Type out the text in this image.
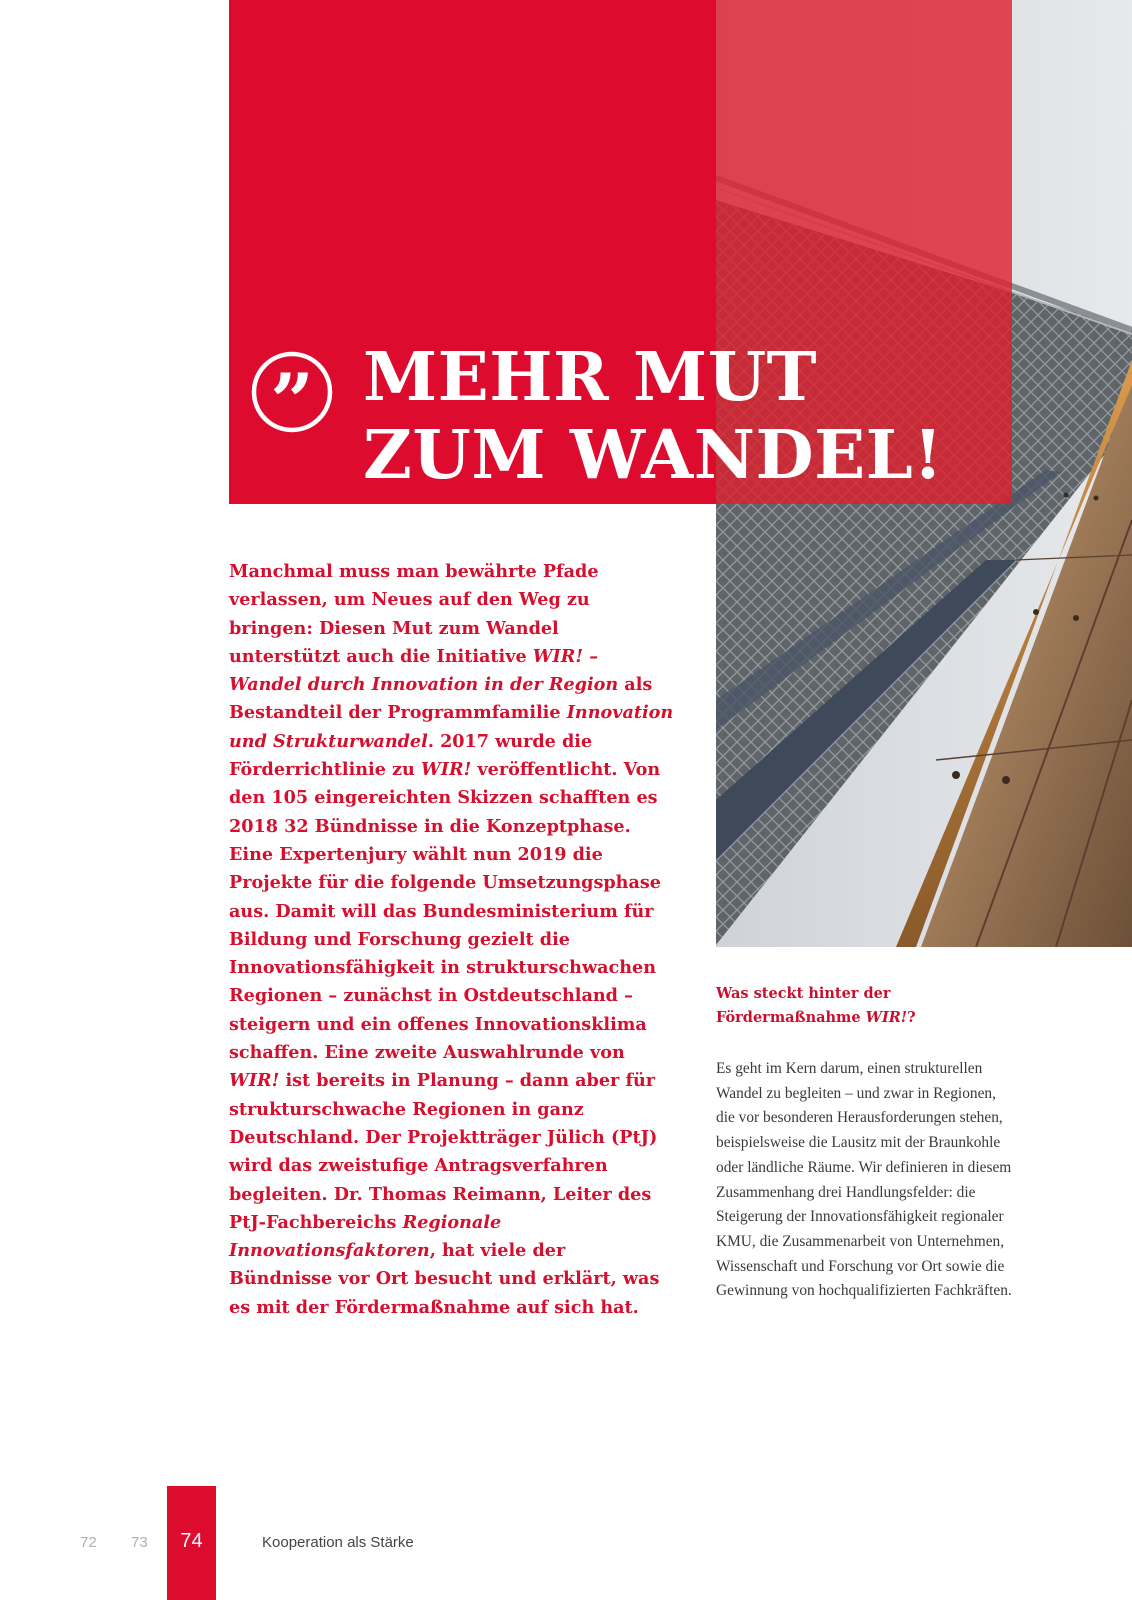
” MEHR MUT
ZUM WANDEL!

Manchmal muss man bewährte Pfade verlassen, um Neues auf den Weg zu bringen: Diesen Mut zum Wandel unterstützt auch die Initiative WIR! – Wandel durch Innovation in der Region als Bestandteil der Programmfamilie Innovation und Strukturwandel. 2017 wurde die Förderrichtlinie zu WIR! veröffentlicht. Von den 105 eingereichten Skizzen schafften es 2018 32 Bündnisse in die Konzeptphase. Eine Expertenjury wählt nun 2019 die Projekte für die folgende Umsetzungsphase aus. Damit will das Bundesministerium für Bildung und Forschung gezielt die Innovationsfähigkeit in strukturschwachen Regionen – zunächst in Ostdeutschland – steigern und ein offenes Innovationsklima schaffen. Eine zweite Auswahlrunde von WIR! ist bereits in Planung – dann aber für strukturschwache Regionen in ganz Deutschland. Der Projektträger Jülich (PtJ) wird das zweistufige Antragsverfahren begleiten. Dr. Thomas Reimann, Leiter des PtJ-Fachbereichs Regionale Innovationsfaktoren, hat viele der Bündnisse vor Ort besucht und erklärt, was es mit der Fördermaßnahme auf sich hat.

Was steckt hinter der
Fördermaßnahme WIR!?

Es geht im Kern darum, einen strukturellen Wandel zu begleiten – und zwar in Regionen, die vor besonderen Herausforderungen stehen, beispielsweise die Lausitz mit der Braunkohle oder ländliche Räume. Wir definieren in diesem Zusammenhang drei Handlungsfelder: die Steigerung der Innovationsfähigkeit regionaler KMU, die Zusammenarbeit von Unternehmen, Wissenschaft und Forschung vor Ort sowie die Gewinnung von hochqualifizierten Fachkräften.

72 73	74	Kooperation als Stärke
